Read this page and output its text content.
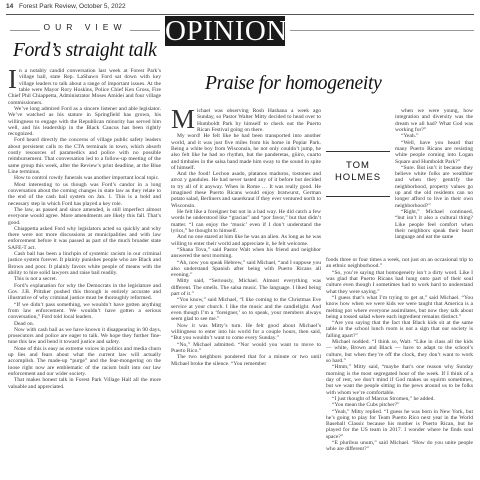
14 Forest Park Review, October 5, 2022
OUR VIEW	OPINION
Ford’s straight talk
Praise for homogeneity

In a notably candid conversation last week at Forest Park’s village hall, state Rep. LaShawn Ford sat down with key village leaders to talk about a range of important issues. At the table were Mayor Rory Hoskins, Police Chief Ken Gross, Fire Chief Phil Chiappetta, Administrator Moses Amidei and four village commissioners.

We’ve long admired Ford as a sincere listener and able legislator. We’ve watched as his stature in Springfield has grown, his willingness to engage with the Republican minority has served him well, and his leadership in the Black Caucus has been rightly recognized.

Ford heard directly the concerns of village public safety leaders about persistent calls to the CTA terminals in town, which absorb costly resources of paramedics and police with no possible reimbursement. That conversation led to a follow-up meeting of the same group this week, after the Review’s print deadline, at the Blue Line terminus.

How to control rowdy funerals was another important local topic.

Most interesting to us though was Ford’s candor in a long conversation about the coming changes in state law as they relate to the end of the cash bail system on Jan. 1. This is a bold and necessary step in which Ford has played a key role.

The law, as passed and since amended, is still imperfect almost everyone would agree. More amendments are likely this fall. That’s good.

Chiappetta asked Ford why legislators acted so quickly and why there were not more discussions at municipalities and with law enforcement before it was passed as part of the much broader state SAFE-T act.

Cash bail has been a linchpin of systemic racism in our criminal justice system forever. It plainly punishes people who are Black and Brown and poor. It plainly favors white people of means with the ability to hire solid lawyers and raise bail readily.

This is not a secret.

Ford’s explanation for why the Democrats in the legislature and Gov. J.B. Pritzker pushed this through is entirely accurate and illustrative of why criminal justice must be thoroughly reformed.

“If we didn’t pass something, we wouldn’t have gotten anything from law enforcement. We wouldn’t have gotten a serious conversation,” Ford told local leaders.

Dead on.

Now with cash bail as we have known it disappearing in 90 days, prosecutors and police are eager to talk. We hope they further fine-tune this law and bend it toward justice and safety.

None of this is easy as extreme voices in politics and media churn up lies and fears about what the current law will actually accomplish. The made-up “purge” and the fear-mongering on the loose right now are emblematic of the racism built into our law enforcement and our wider society.

That makes honest talk in Forest Park Village Hall all the more valuable and appreciated.

Michael was observing Rosh Hashana a week ago Sunday, so Pastor Walter Mitty decided to head over to Humboldt Park by himself to check out the Puerto Rican Festival going on there.

My word! He felt like he had been transported into another world, and it was just five miles from his home in Poplar Park. Being a white boy from Wisconsin, he not only couldn’t jump, he also felt like he had no rhythm, but the panderetas, güiro, cuarto and timbales in the salsa band made him sway to the sound in spite of himself.

And the food! Lechon asado, platanos maduros, tostones and arroz y gandules. He had never tasted any of it before but decided to try all of it anyway. When in Rome … It was really good. He imagined these Puerto Ricans would enjoy bratwurst, German potato salad, Berliners and sauerkraut if they ever ventured north to Wisconsin.

He felt like a foreigner but not in a bad way. He did catch a few words he understood like “gracias” and “por favor,” but that didn’t matter. “I can enjoy the ‘music’ even if I don’t understand the lyrics,” he thought to himself.

And no one stared at him like he was an alien. As long as he was willing to enter their world and appreciate it, he felt welcome.

“Shana Tova,” said Pastor Walt when his friend and neighbor answered the next morning.

“Ah, now you speak Hebrew,” said Michael, “and I suppose you also understand Spanish after being with Puerto Ricans all evening.”

Mitty said, “Seriously, Michael. Almost everything was different. The smells. The salsa music. The language. I liked being part of it.”

“You know,” said Michael, “I like coming to the Christmas Eve service at your church. I like the music and the candlelight. And even though I’m a ‘foreigner,’ so to speak, your members always seem glad to see me.”

Now it was Mitty’s turn. He felt good about Michael’s willingness to enter into his world for a couple hours, then said, “But you wouldn’t want to come every Sunday.”

“No,” Michael admitted. “Nor would you want to move to Puerto Rico.”

The two neighbors pondered that for a minute or two until Michael broke the silence. “You remember

when we were young, how integration and diversity was the dream we all had? What God was working for?”

“Yeah.”

“Well, have you heard that many Puerto Ricans are resisting white people coming into Logan Square and Humboldt Park?”

“Sure. But isn’t it because they believe white folks are wealthier and when they gentrify the neighborhood, property values go up and the old residents can no longer afford to live in their own neighborhood?”

“Right,” Michael continued, “but isn’t it also a cultural thing? Like people feel comfort when their neighbors speak their heart language and eat the same

TOM HOLMES

foods three or four times a week, not just on an occasional trip to an ethnic neighborhood.”

“So, you’re saying that homogeneity isn’t a dirty word. Like I was glad that Puerto Ricans had hung onto part of their soul culture even though I sometimes had to work hard to understand what they were saying.”

“I guess that’s what I’m trying to get at,” said Michael. “You know how when we were kids we were taught that America is a melting pot where everyone assimilates, but now they talk about being a tossed salad where each ingredient remains distinct.”

“Are you saying that the fact that Black kids sit at the same table in the school lunch room is not a sign that our society is falling apart?”

Michael nodded. “I think so, Walt. “Like in class all the kids — white, Brown and Black — have to adapt to the school’s culture, but when they’re off the clock, they don’t want to work so hard.”

“Hmm,” Mitty said, “maybe that’s one reason why Sunday morning is the most segregated hour of the week. If I think of a day of rest, we don’t mind if God makes us squirm sometimes, but we want the people sitting in the pews around us to be folks with whom we’re comfortable.

“I just thought of Marcus Stromen,” he added.

“You mean the Cubs pitcher?”

“Yeah,” Mitty replied. “I guess he was born in New York, but he’s going to play for Team Puerto Rico next year in the World Baseball Classic because his mother is Puerto Rican, but he played for the US team in 2017. I wonder where he finds soul space?”

“E pluribus unum,” said Michael. “How do you unite people who are different?”
